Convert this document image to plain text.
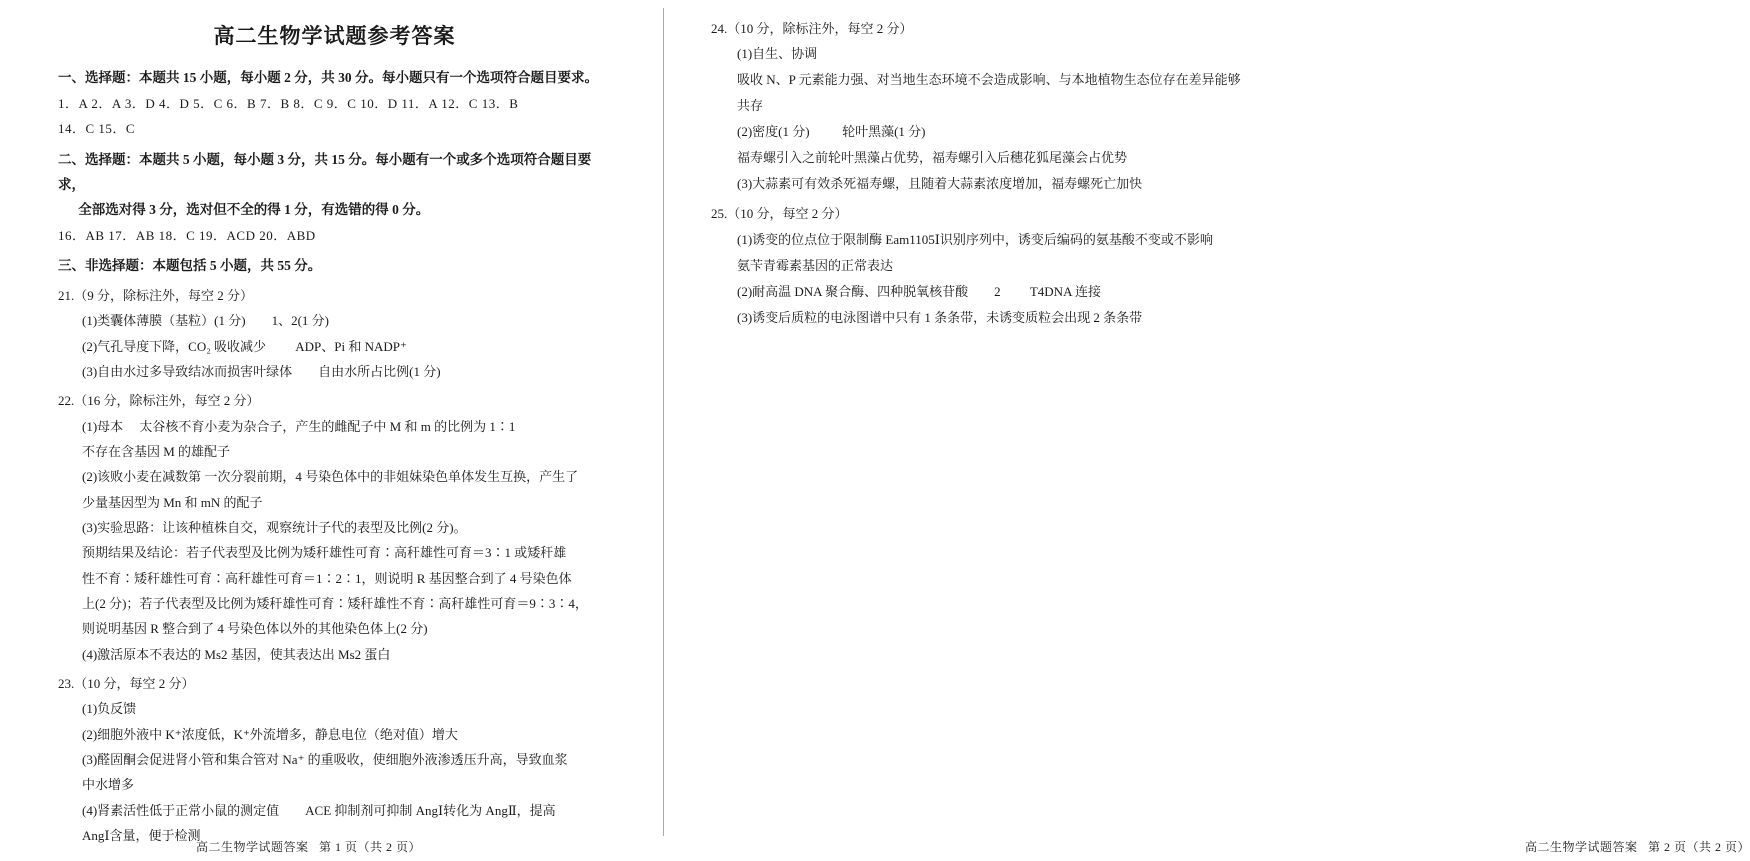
高二生物学试题参考答案
一、选择题：本题共 15 小题，每小题 2 分，共 30 分。每小题只有一个选项符合题目要求。
1．A 2．A 3．D 4．D 5．C 6．B 7．B 8．C 9．C 10．D 11．A 12．C 13．B
14．C 15．C
二、选择题：本题共 5 小题，每小题 3 分，共 15 分。每小题有一个或多个选项符合题目要求，
全部选对得 3 分，选对但不全的得 1 分，有选错的得 0 分。
16．AB 17．AB 18．C 19．ACD 20．ABD
三、非选择题：本题包括 5 小题，共 55 分。
21.（9 分，除标注外，每空 2 分）
(1)类囊体薄膜（基粒）(1 分)        1、2(1 分)
(2)气孔导度下降，CO₂ 吸收减少         ADP、Pi 和 NADP⁺
(3)自由水过多导致结冰而损害叶绿体        自由水所占比例(1 分)
22.（16 分，除标注外，每空 2 分）
(1)母本     太谷核不育小麦为杂合子，产生的雌配子中 M 和 m 的比例为 1∶1
不存在含基因 M 的雄配子
(2)该败小麦在减数第 一次分裂前期，4 号染色体中的非姐妹染色单体发生互换，产生了
少量基因型为 Mn 和 mN 的配子
(3)实验思路：让该种植株自交，观察统计子代的表型及比例(2 分)。
预期结果及结论：若子代表型及比例为矮秆雄性可育∶高秆雄性可育＝3∶1 或矮秆雄
性不育∶矮秆雄性可育∶高秆雄性可育＝1∶2∶1，则说明 R 基因整合到了 4 号染色体
上(2 分)；若子代表型及比例为矮秆雄性可育∶矮秆雄性不育∶高秆雄性可育＝9∶3∶4，
则说明基因 R 整合到了 4 号染色体以外的其他染色体上(2 分)
(4)激活原本不表达的 Ms2 基因，使其表达出 Ms2 蛋白
23.（10 分，每空 2 分）
(1)负反馈
(2)细胞外液中 K⁺浓度低，K⁺外流增多，静息电位（绝对值）增大
(3)醛固酮会促进肾小管和集合管对 Na⁺ 的重吸收，使细胞外液渗透压升高，导致血浆
中水增多
(4)肾素活性低于正常小鼠的测定值        ACE 抑制剂可抑制 AngⅠ转化为 AngⅡ，提高
AngⅠ含量，便于检测
高二生物学试题答案   第 1 页（共 2 页）
24.（10 分，除标注外，每空 2 分）
(1)自生、协调
吸收 N、P 元素能力强、对当地生态环境不会造成影响、与本地植物生态位存在差异能够
共存
(2)密度(1 分)          轮叶黑藻(1 分)
福寿螺引入之前轮叶黑藻占优势，福寿螺引入后穗花狐尾藻会占优势
(3)大蒜素可有效杀死福寿螺，且随着大蒜素浓度增加，福寿螺死亡加快
25.（10 分，每空 2 分）
(1)诱变的位点位于限制酶 Eam1105Ⅰ识别序列中，诱变后编码的氨基酸不变或不影响
氨苄青霉素基因的正常表达
(2)耐高温 DNA 聚合酶、四种脱氧核苷酸        2         T4DNA 连接
(3)诱变后质粒的电泳图谱中只有 1 条条带，未诱变质粒会出现 2 条条带
高二生物学试题答案   第 2 页（共 2 页）
